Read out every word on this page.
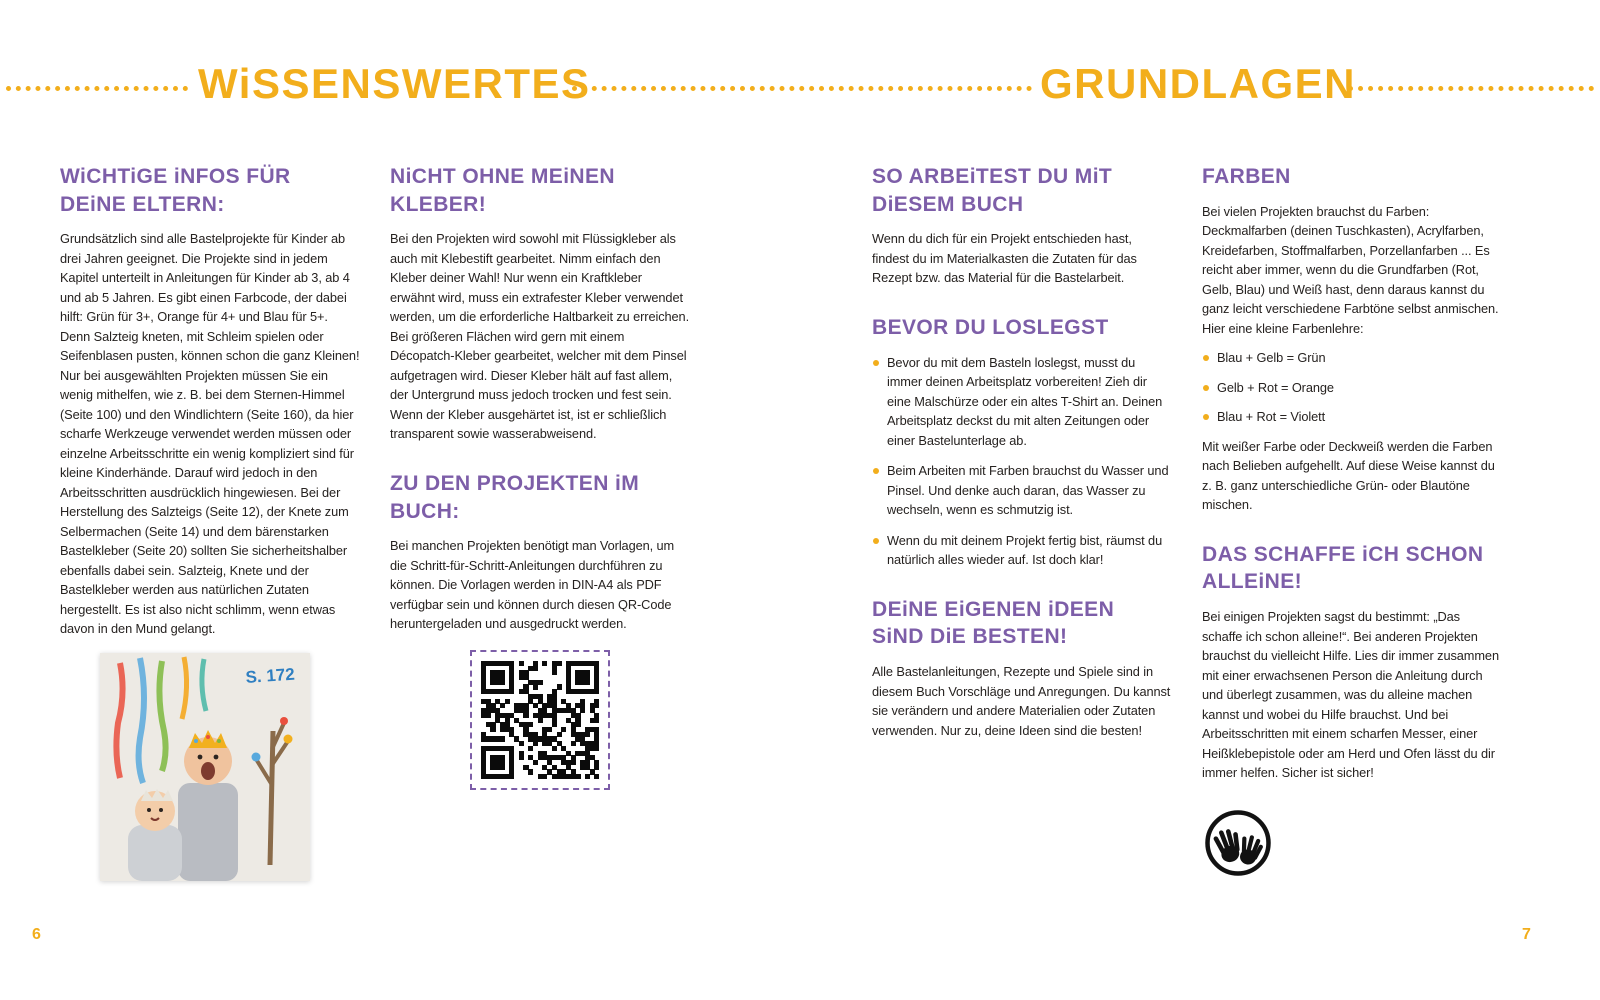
WiSSENSWERTES	GRUNDLAGEN
WiCHTiGE iNFOS FÜR DEiNE ELTERN:

Grundsätzlich sind alle Bastelprojekte für Kinder ab drei Jahren geeignet. Die Projekte sind in jedem Kapitel unterteilt in Anleitungen für Kinder ab 3, ab 4 und ab 5 Jahren. Es gibt einen Farbcode, der dabei hilft: Grün für 3+, Orange für 4+ und Blau für 5+. Denn Salzteig kneten, mit Schleim spielen oder Seifenblasen pusten, können schon die ganz Kleinen! Nur bei ausgewählten Projekten müssen Sie ein wenig mithelfen, wie z. B. bei dem Sternen-Himmel (Seite 100) und den Windlichtern (Seite 160), da hier scharfe Werkzeuge verwendet werden müssen oder einzelne Arbeitsschritte ein wenig kompliziert sind für kleine Kinderhände. Darauf wird jedoch in den Arbeitsschritten ausdrücklich hingewiesen. Bei der Herstellung des Salzteigs (Seite 12), der Knete zum Selbermachen (Seite 14) und dem bärenstarken Bastelkleber (Seite 20) sollten Sie sicherheitshalber ebenfalls dabei sein. Salzteig, Knete und der Bastelkleber werden aus natürlichen Zutaten hergestellt. Es ist also nicht schlimm, wenn etwas davon in den Mund gelangt.

S. 172
NiCHT OHNE MEiNEN KLEBER!

Bei den Projekten wird sowohl mit Flüssigkleber als auch mit Klebestift gearbeitet. Nimm einfach den Kleber deiner Wahl! Nur wenn ein Kraftkleber erwähnt wird, muss ein extrafester Kleber verwendet werden, um die erforderliche Haltbarkeit zu erreichen. Bei größeren Flächen wird gern mit einem Décopatch-Kleber gearbeitet, welcher mit dem Pinsel aufgetragen wird. Dieser Kleber hält auf fast allem, der Untergrund muss jedoch trocken und fest sein. Wenn der Kleber ausgehärtet ist, ist er schließlich transparent sowie wasserabweisend.

ZU DEN PROJEKTEN iM BUCH:

Bei manchen Projekten benötigt man Vorlagen, um die Schritt-für-Schritt-Anleitungen durchführen zu können. Die Vorlagen werden in DIN-A4 als PDF verfügbar sein und können durch diesen QR-Code heruntergeladen und ausgedruckt werden.

SO ARBEiTEST DU MiT DiESEM BUCH

Wenn du dich für ein Projekt entschieden hast, findest du im Materialkasten die Zutaten für das Rezept bzw. das Material für die Bastelarbeit.

BEVOR DU LOSLEGST
Bevor du mit dem Basteln loslegst, musst du immer deinen Arbeitsplatz vorbereiten! Zieh dir eine Malschürze oder ein altes T-Shirt an. Deinen Arbeitsplatz deckst du mit alten Zeitungen oder einer Bastelunterlage ab.
Beim Arbeiten mit Farben brauchst du Wasser und Pinsel. Und denke auch daran, das Wasser zu wechseln, wenn es schmutzig ist.
Wenn du mit deinem Projekt fertig bist, räumst du natürlich alles wieder auf. Ist doch klar!
DEiNE EiGENEN iDEEN SiND DiE BESTEN!

Alle Bastelanleitungen, Rezepte und Spiele sind in diesem Buch Vorschläge und Anregungen. Du kannst sie verändern und andere Materialien oder Zutaten verwenden. Nur zu, deine Ideen sind die besten!

FARBEN

Bei vielen Projekten brauchst du Farben: Deckmalfarben (deinen Tuschkasten), Acrylfarben, Kreidefarben, Stoffmalfarben, Porzellanfarben ... Es reicht aber immer, wenn du die Grundfarben (Rot, Gelb, Blau) und Weiß hast, denn daraus kannst du ganz leicht verschiedene Farbtöne selbst anmischen. Hier eine kleine Farbenlehre:

Blau + Gelb = Grün
Gelb + Rot = Orange
Blau + Rot = Violett

Mit weißer Farbe oder Deckweiß werden die Farben nach Belieben aufgehellt. Auf diese Weise kannst du z. B. ganz unterschiedliche Grün- oder Blautöne mischen.

DAS SCHAFFE iCH SCHON ALLEiNE!

Bei einigen Projekten sagst du bestimmt: „Das schaffe ich schon alleine!“. Bei anderen Projekten brauchst du vielleicht Hilfe. Lies dir immer zusammen mit einer erwachsenen Person die Anleitung durch und überlegt zusammen, was du alleine machen kannst und wobei du Hilfe brauchst. Und bei Arbeitsschritten mit einem scharfen Messer, einer Heißklebepistole oder am Herd und Ofen lässt du dir immer helfen. Sicher ist sicher!

6	7
